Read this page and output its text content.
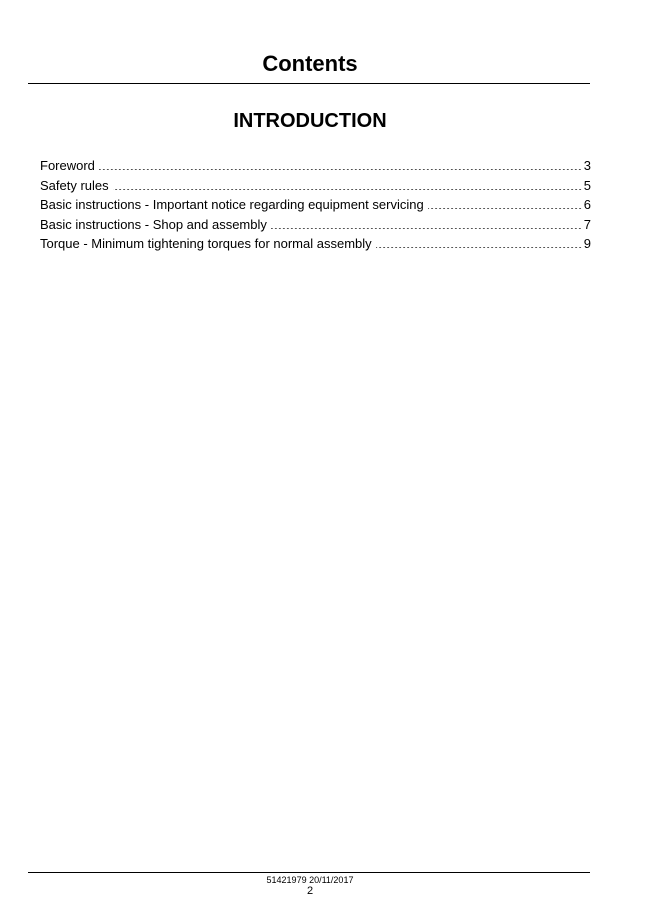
Contents
INTRODUCTION
Foreword	3
Safety rules	5
Basic instructions - Important notice regarding equipment servicing	6
Basic instructions - Shop and assembly	7
Torque - Minimum tightening torques for normal assembly	9
51421979 20/11/2017
2
